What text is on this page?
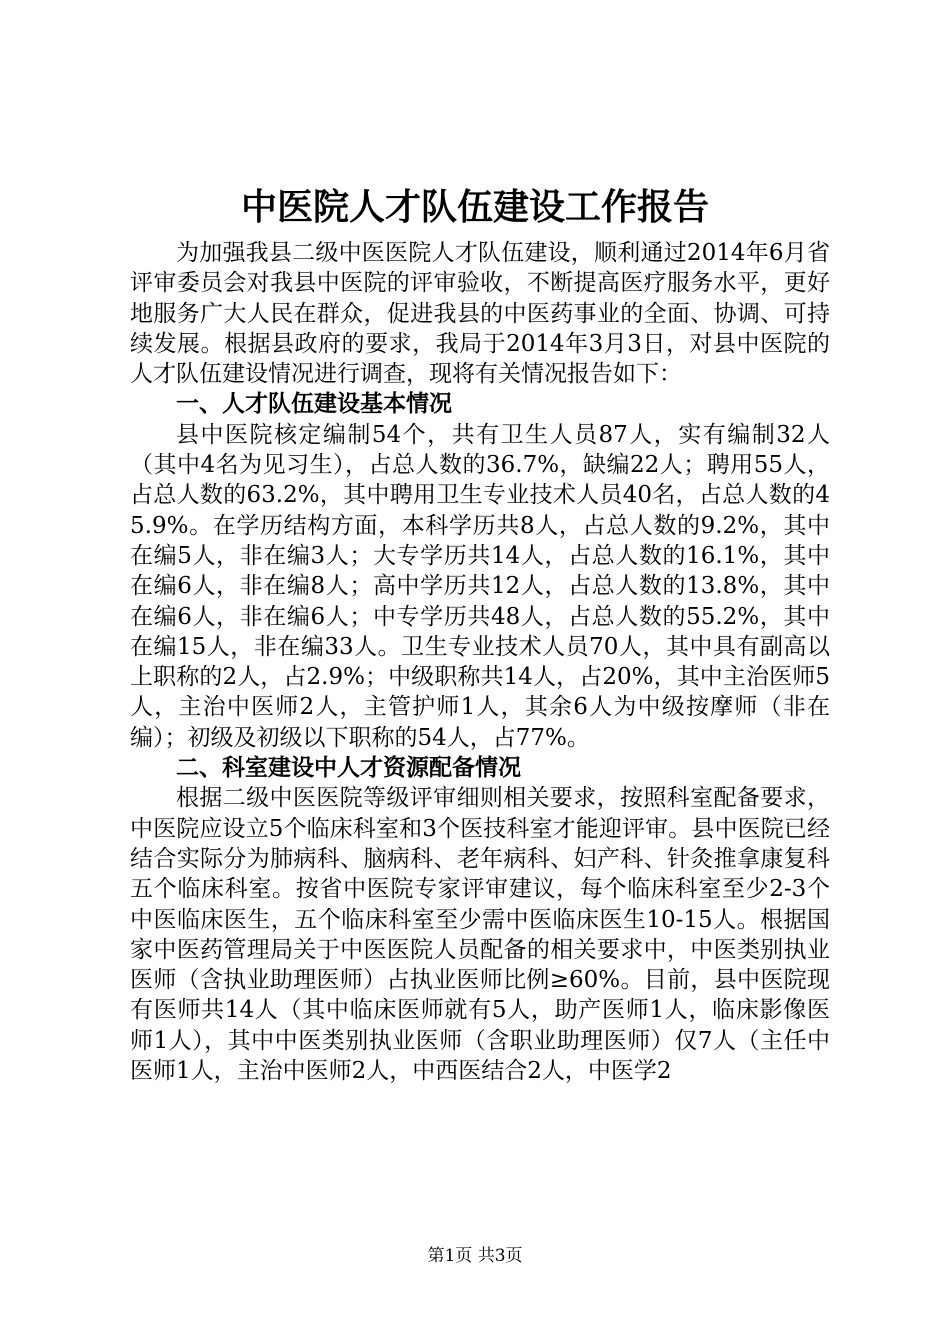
中医院人才队伍建设工作报告

为加强我县二级中医医院人才队伍建设，顺利通过2014年6月省评审委员会对我县中医院的评审验收，不断提高医疗服务水平，更好地服务广大人民在群众，促进我县的中医药事业的全面、协调、可持续发展。根据县政府的要求，我局于2014年3月3日，对县中医院的人才队伍建设情况进行调查，现将有关情况报告如下：

一、人才队伍建设基本情况

县中医院核定编制54个，共有卫生人员87人，实有编制32人（其中4名为见习生），占总人数的36.7%，缺编22人；聘用55人，占总人数的63.2%，其中聘用卫生专业技术人员40名，占总人数的45.9%。在学历结构方面，本科学历共8人，占总人数的9.2%，其中在编5人，非在编3人；大专学历共14人，占总人数的16.1%，其中在编6人，非在编8人；高中学历共12人，占总人数的13.8%，其中在编6人，非在编6人；中专学历共48人，占总人数的55.2%，其中在编15人，非在编33人。卫生专业技术人员70人，其中具有副高以上职称的2人，占2.9%；中级职称共14人，占20%，其中主治医师5人，主治中医师2人，主管护师1人，其余6人为中级按摩师（非在编）；初级及初级以下职称的54人，占77%。

二、科室建设中人才资源配备情况

根据二级中医医院等级评审细则相关要求，按照科室配备要求，中医院应设立5个临床科室和3个医技科室才能迎评审。县中医院已经结合实际分为肺病科、脑病科、老年病科、妇产科、针灸推拿康复科五个临床科室。按省中医院专家评审建议，每个临床科室至少2-3个中医临床医生，五个临床科室至少需中医临床医生10-15人。根据国家中医药管理局关于中医医院人员配备的相关要求中，中医类别执业医师（含执业助理医师）占执业医师比例≥60%。目前，县中医院现有医师共14人（其中临床医师就有5人，助产医师1人，临床影像医师1人），其中中医类别执业医师（含职业助理医师）仅7人（主任中医师1人，主治中医师2人，中西医结合2人，中医学2

第1页 共3页
